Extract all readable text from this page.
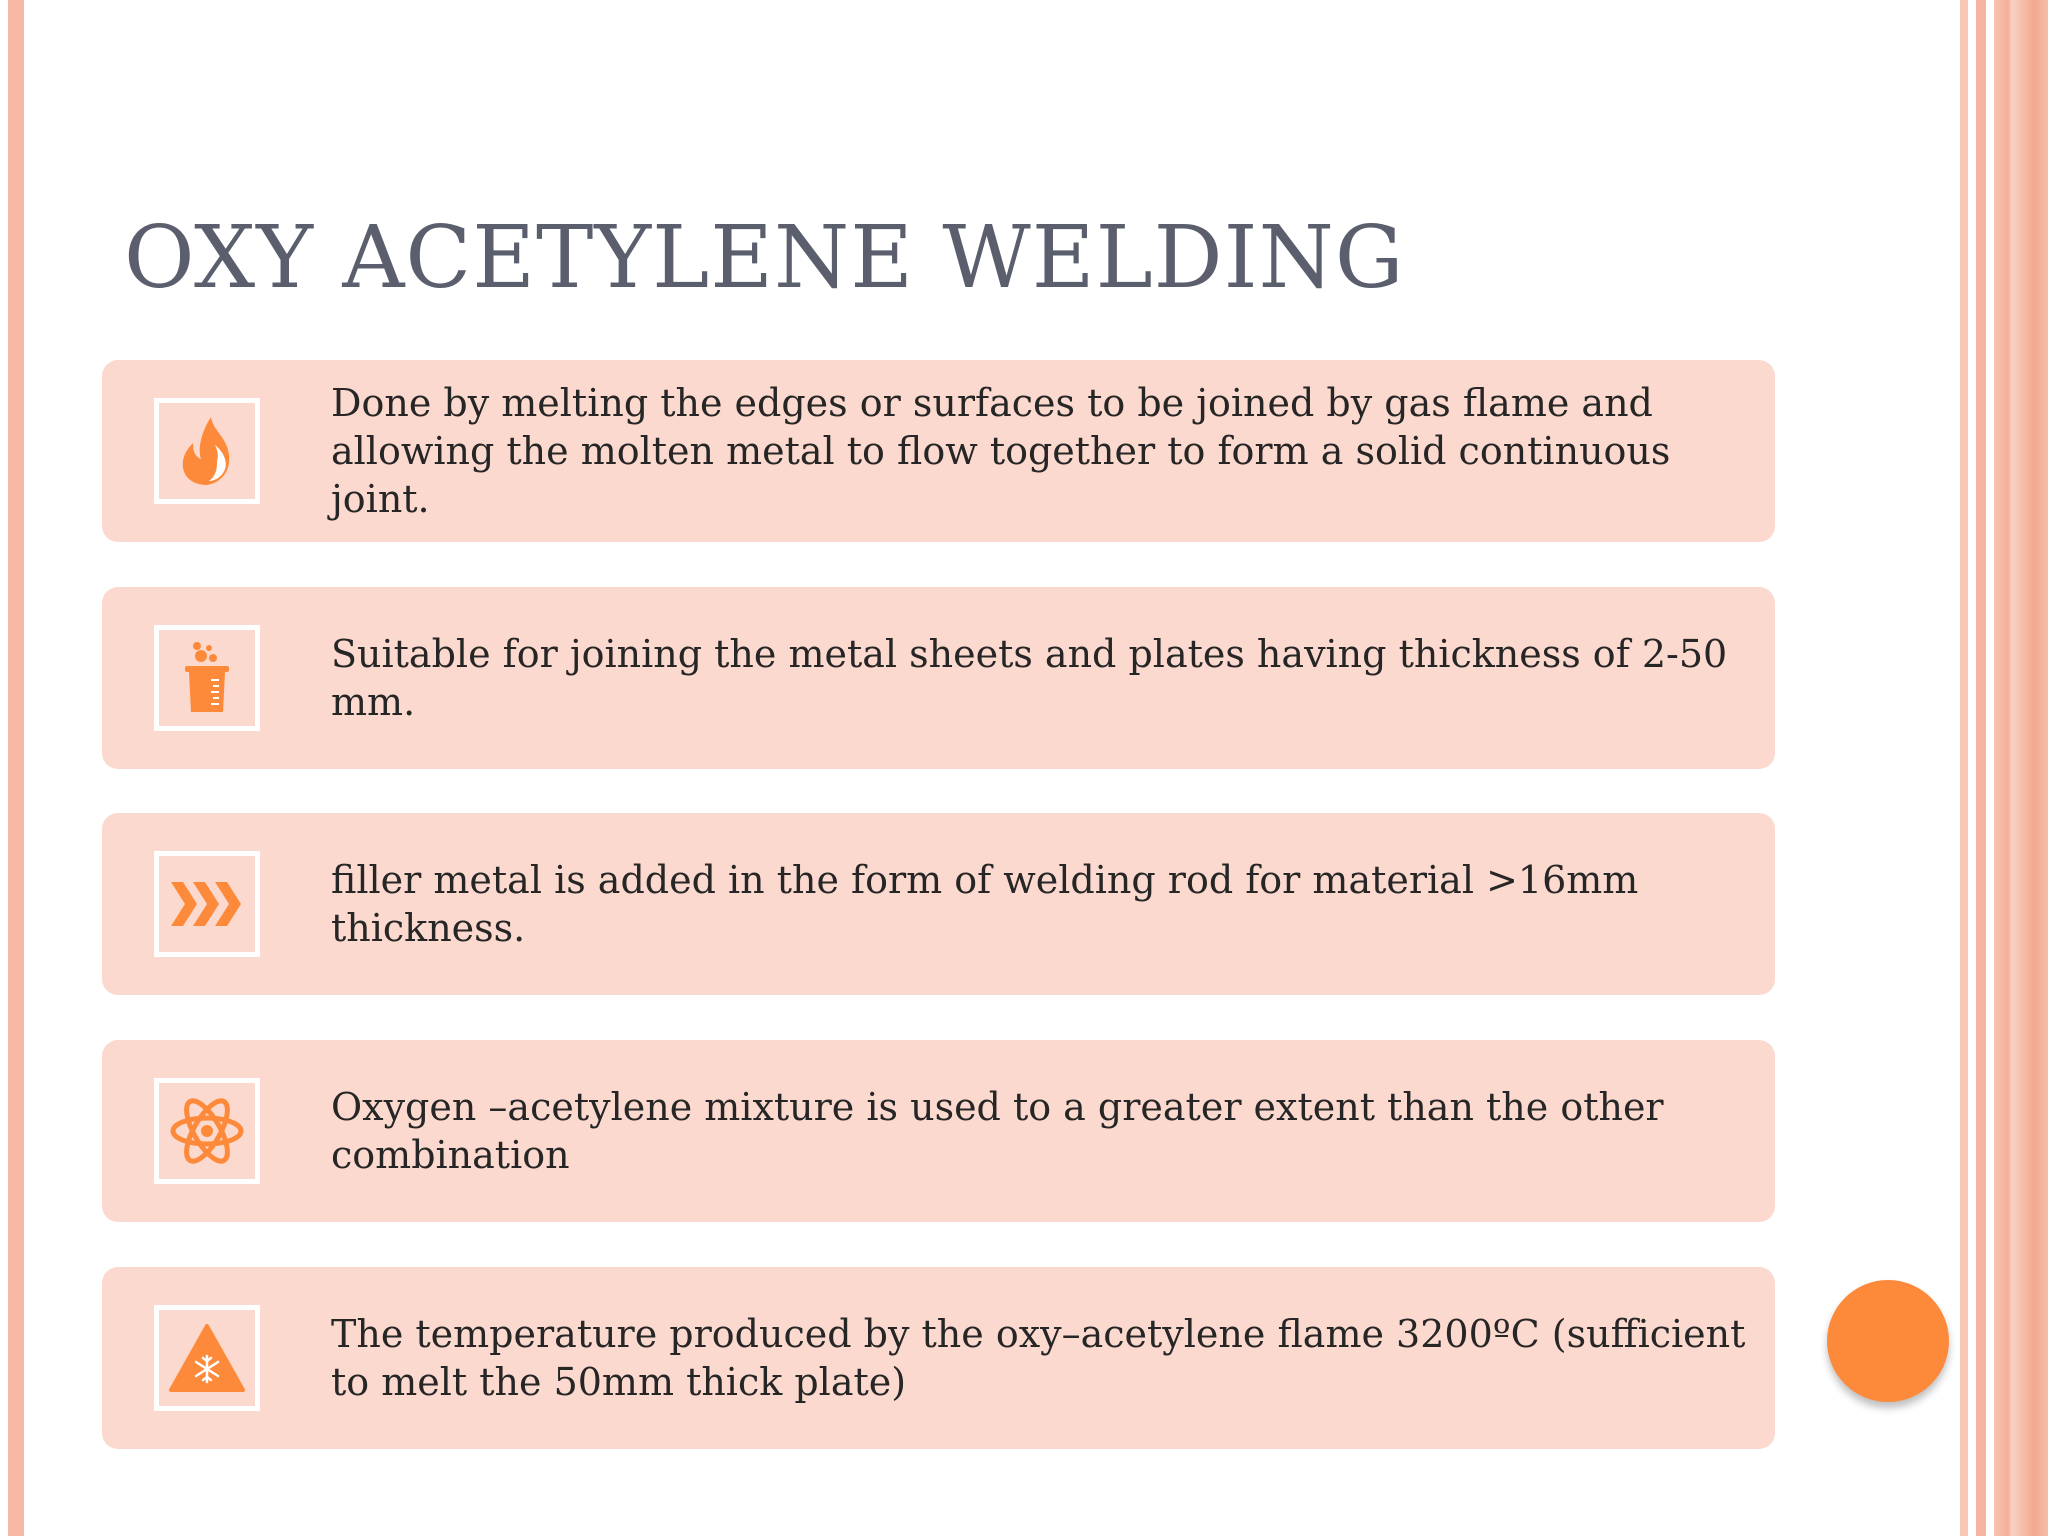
OXY ACETYLENE WELDING
Done by melting the edges or surfaces to be joined by gas flame and allowing the molten metal to flow together to form a solid continuous joint.
Suitable for joining the metal sheets and plates having thickness of 2-50 mm.
filler metal is added in the form of welding rod for material >16mm thickness.
Oxygen –acetylene mixture is used to a greater extent than the other combination
The temperature produced by the oxy–acetylene flame 3200ºC (sufficient to melt the 50mm thick plate)
